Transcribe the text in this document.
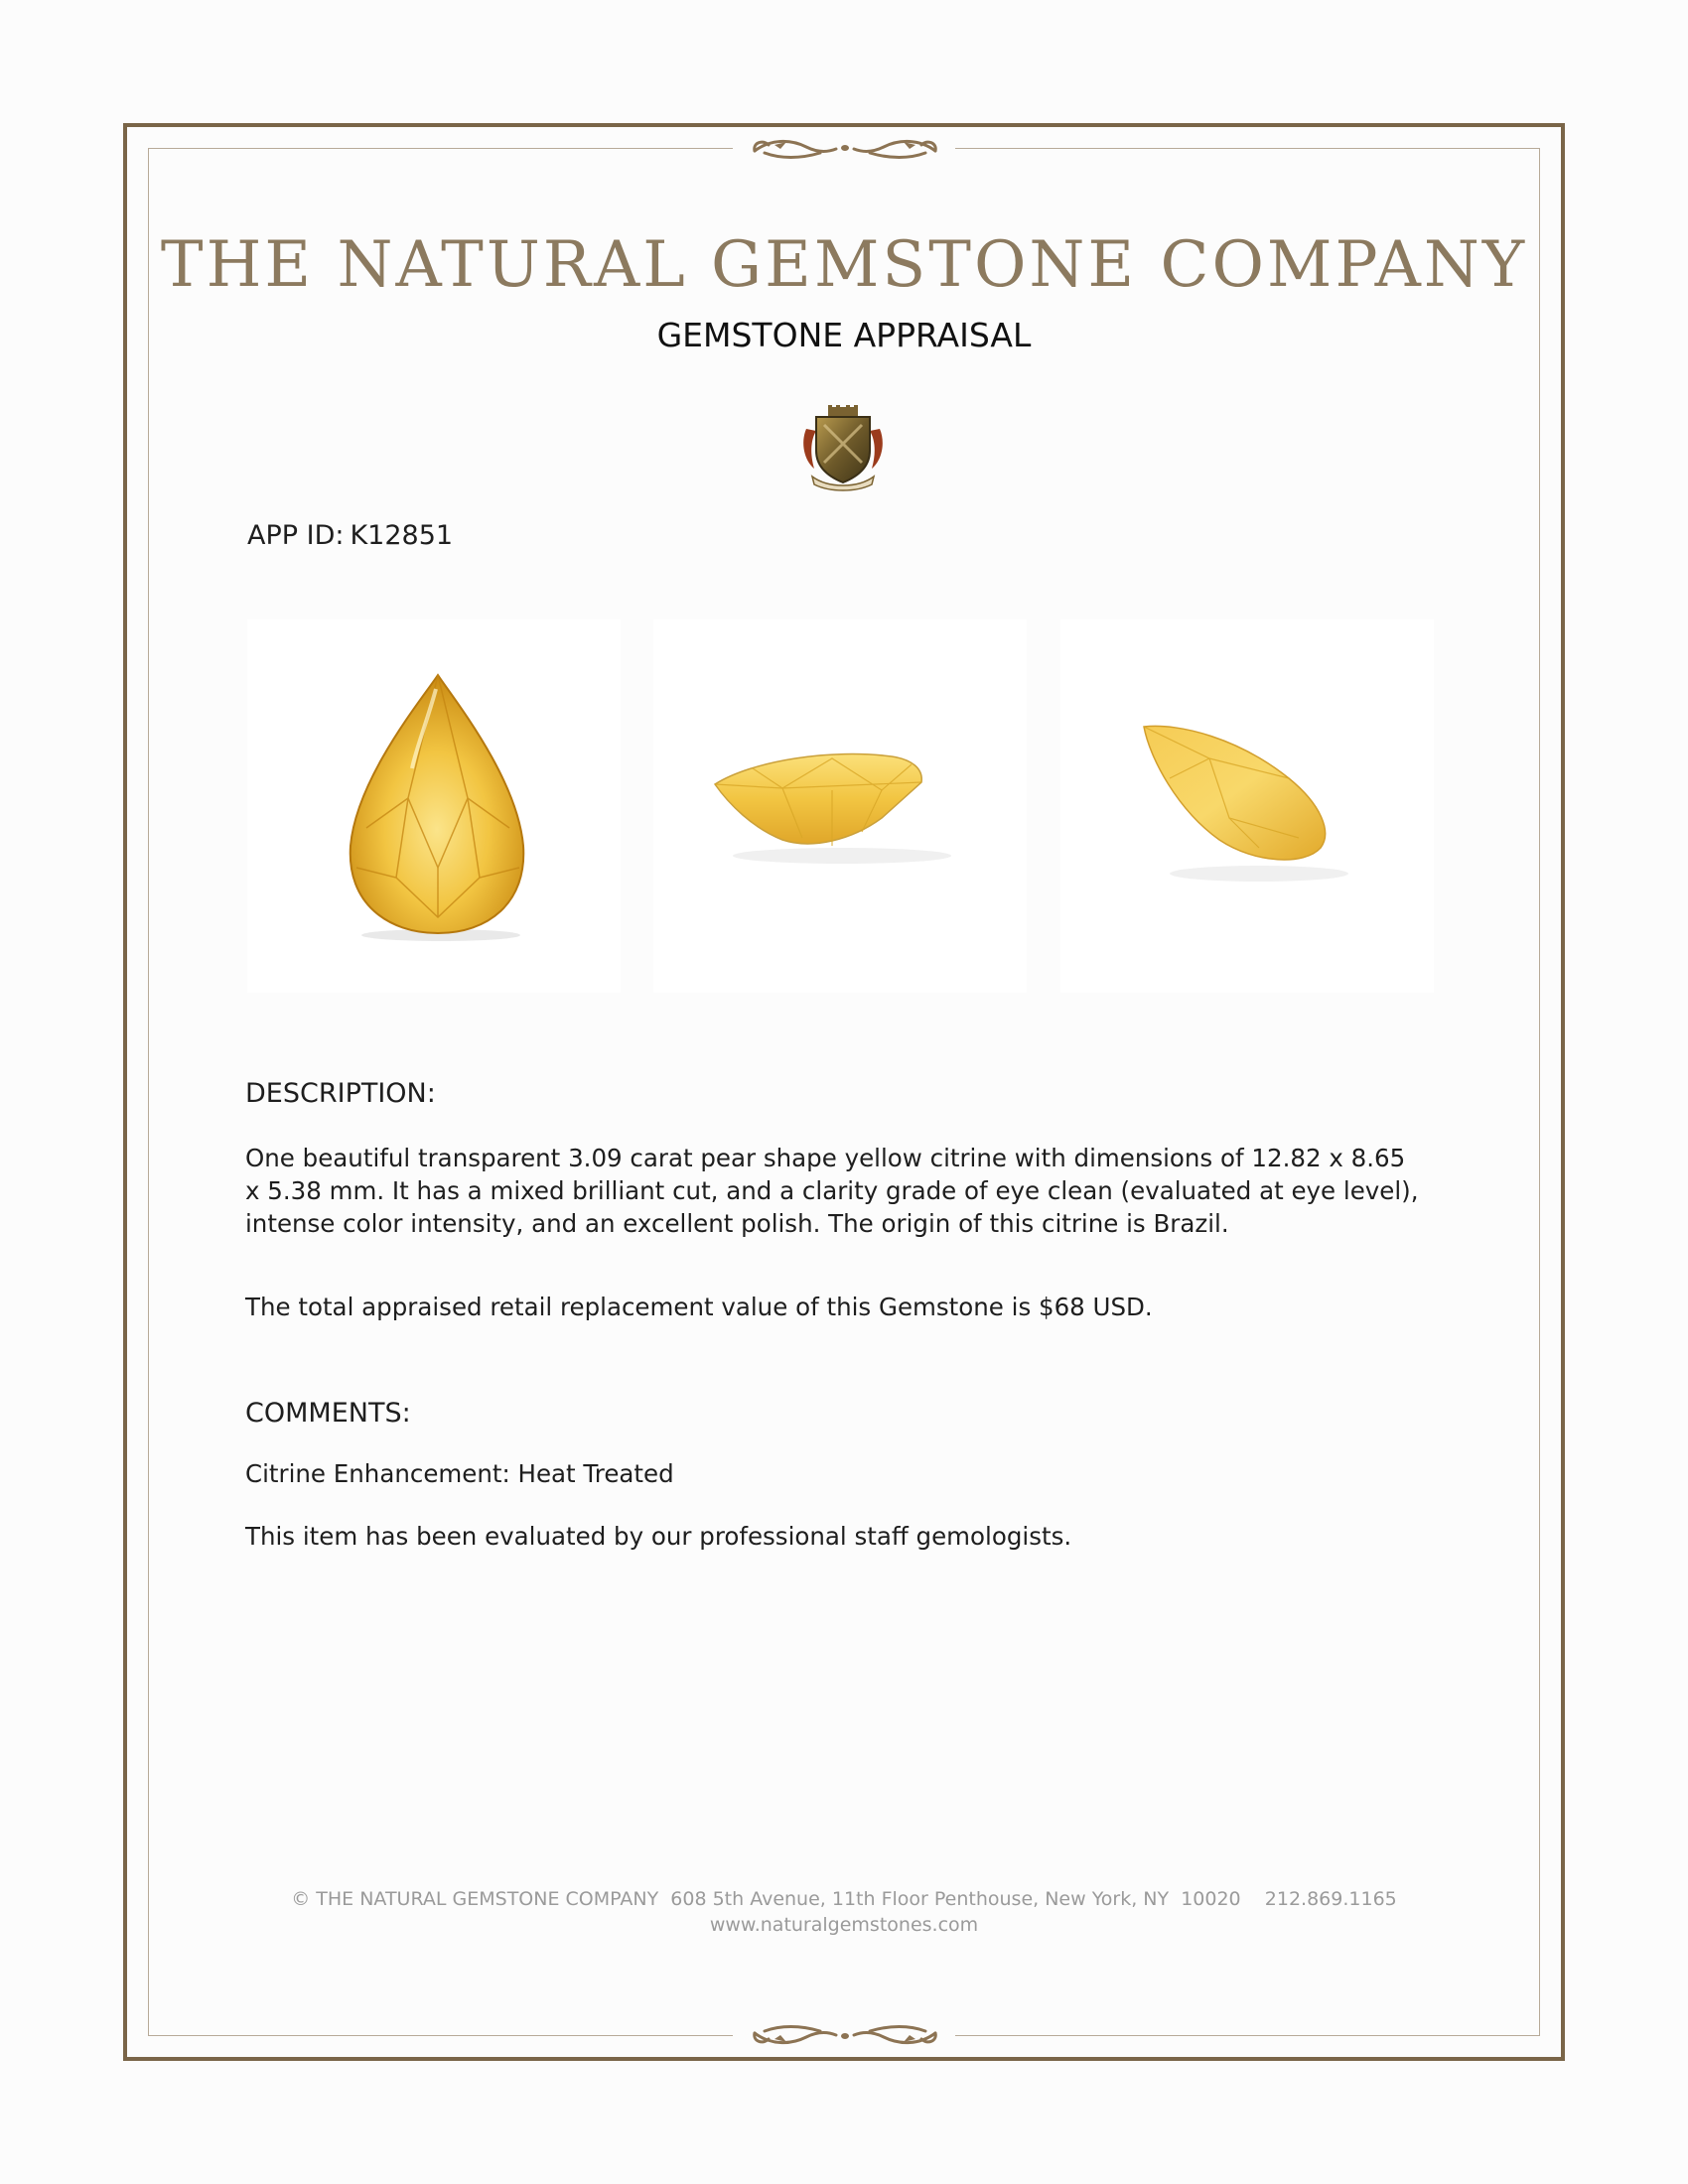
THE NATURAL GEMSTONE COMPANY
GEMSTONE APPRAISAL
APP ID: K12851
DESCRIPTION:

One beautiful transparent 3.09 carat pear shape yellow citrine with dimensions of 12.82 x 8.65 x 5.38 mm. It has a mixed brilliant cut, and a clarity grade of eye clean (evaluated at eye level), intense color intensity, and an excellent polish. The origin of this citrine is Brazil.

The total appraised retail replacement value of this Gemstone is $68 USD.

COMMENTS:

Citrine Enhancement: Heat Treated

This item has been evaluated by our professional staff gemologists.

© THE NATURAL GEMSTONE COMPANY  608 5th Avenue, 11th Floor Penthouse, New York, NY  10020    212.869.1165
www.naturalgemstones.com
